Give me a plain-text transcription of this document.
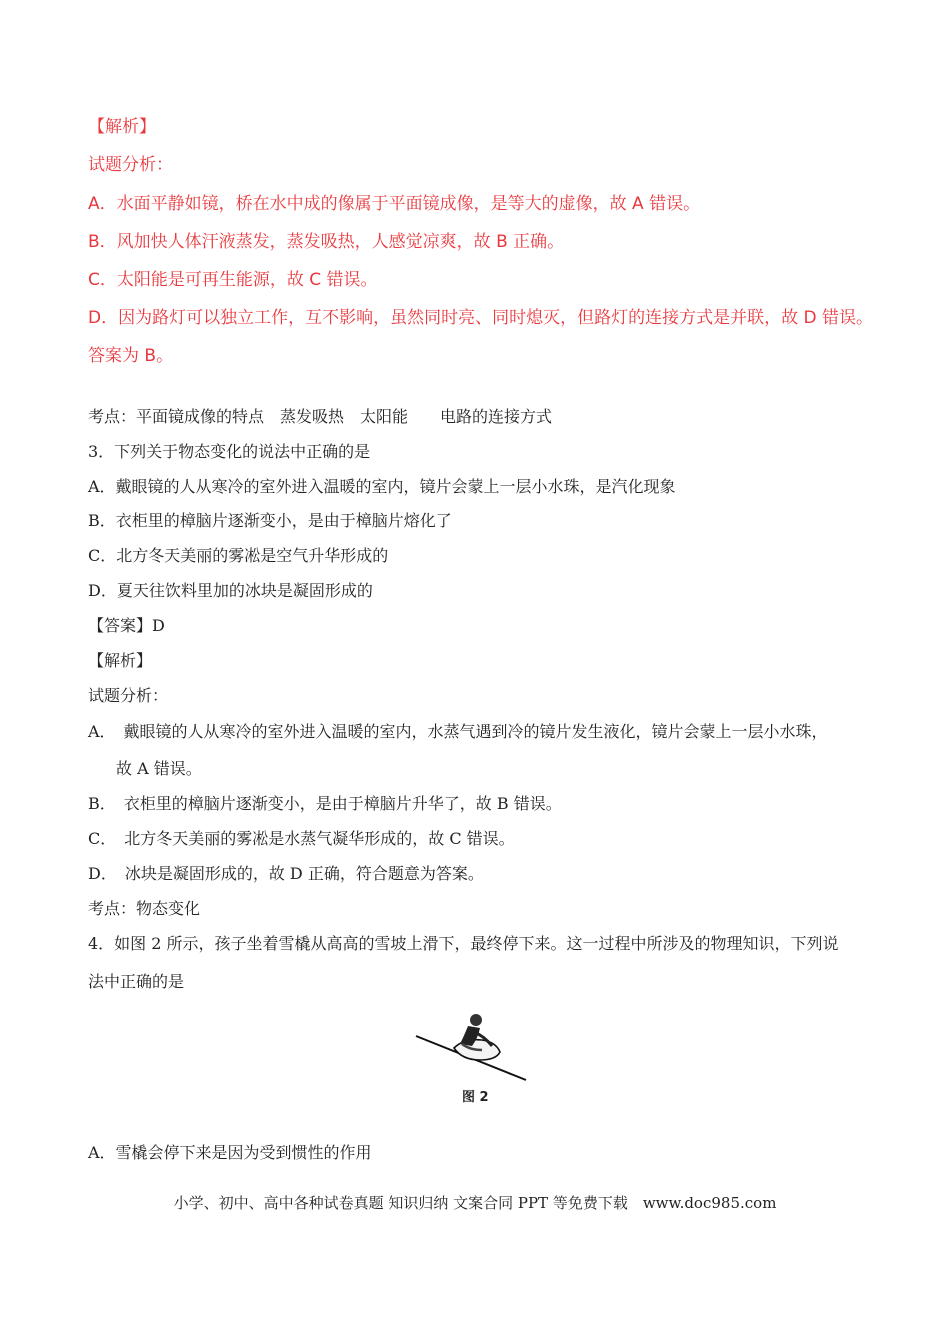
【解析】
试题分析：
A．水面平静如镜，桥在水中成的像属于平面镜成像，是等大的虚像，故 A 错误。
B．风加快人体汗液蒸发，蒸发吸热，人感觉凉爽，故 B 正确。
C．太阳能是可再生能源，故 C 错误。
D．因为路灯可以独立工作，互不影响，虽然同时亮、同时熄灭，但路灯的连接方式是并联，故 D 错误。
答案为 B。
考点：平面镜成像的特点　蒸发吸热　太阳能　　电路的连接方式
3．下列关于物态变化的说法中正确的是
A．戴眼镜的人从寒冷的室外进入温暖的室内，镜片会蒙上一层小水珠，是汽化现象
B．衣柜里的樟脑片逐渐变小，是由于樟脑片熔化了
C．北方冬天美丽的雾凇是空气升华形成的
D．夏天往饮料里加的冰块是凝固形成的
【答案】D
【解析】
试题分析：
A．　戴眼镜的人从寒冷的室外进入温暖的室内，水蒸气遇到冷的镜片发生液化，镜片会蒙上一层小水珠，
故 A 错误。
B．　衣柜里的樟脑片逐渐变小，是由于樟脑片升华了，故 B 错误。
C．　北方冬天美丽的雾凇是水蒸气凝华形成的，故 C 错误。
D．　冰块是凝固形成的，故 D 正确，符合题意为答案。
考点：物态变化
4．如图 2 所示，孩子坐着雪橇从高高的雪坡上滑下，最终停下来。这一过程中所涉及的物理知识，下列说
法中正确的是
图 2
A．雪橇会停下来是因为受到惯性的作用
小学、初中、高中各种试卷真题 知识归纳 文案合同 PPT 等免费下载　www.doc985.com
